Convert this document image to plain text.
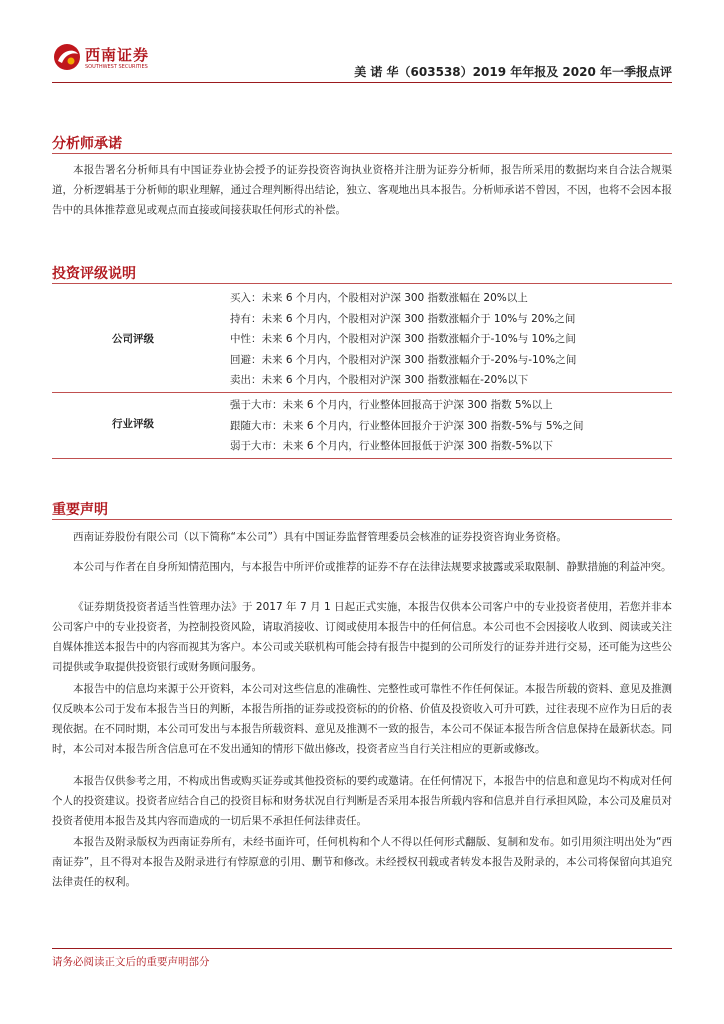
西南证券
SOUTHWEST SECURITIES	美 诺 华（603538）2019 年年报及 2020 年一季报点评
分析师承诺
本报告署名分析师具有中国证券业协会授予的证券投资咨询执业资格并注册为证券分析师，报告所采用的数据均来自合法合规渠道，分析逻辑基于分析师的职业理解，通过合理判断得出结论，独立、客观地出具本报告。分析师承诺不曾因，不因，也将不会因本报告中的具体推荐意见或观点而直接或间接获取任何形式的补偿。
投资评级说明
公司评级
买入：未来 6 个月内，个股相对沪深 300 指数涨幅在 20%以上
持有：未来 6 个月内，个股相对沪深 300 指数涨幅介于 10%与 20%之间
中性：未来 6 个月内，个股相对沪深 300 指数涨幅介于-10%与 10%之间
回避：未来 6 个月内，个股相对沪深 300 指数涨幅介于-20%与-10%之间
卖出：未来 6 个月内，个股相对沪深 300 指数涨幅在-20%以下
行业评级
强于大市：未来 6 个月内，行业整体回报高于沪深 300 指数 5%以上
跟随大市：未来 6 个月内，行业整体回报介于沪深 300 指数-5%与 5%之间
弱于大市：未来 6 个月内，行业整体回报低于沪深 300 指数-5%以下
重要声明
西南证券股份有限公司（以下简称“本公司”）具有中国证券监督管理委员会核准的证券投资咨询业务资格。
本公司与作者在自身所知情范围内，与本报告中所评价或推荐的证券不存在法律法规要求披露或采取限制、静默措施的利益冲突。
《证券期货投资者适当性管理办法》于 2017 年 7 月 1 日起正式实施，本报告仅供本公司客户中的专业投资者使用，若您并非本公司客户中的专业投资者，为控制投资风险，请取消接收、订阅或使用本报告中的任何信息。本公司也不会因接收人收到、阅读或关注自媒体推送本报告中的内容而视其为客户。本公司或关联机构可能会持有报告中提到的公司所发行的证券并进行交易，还可能为这些公司提供或争取提供投资银行或财务顾问服务。
本报告中的信息均来源于公开资料，本公司对这些信息的准确性、完整性或可靠性不作任何保证。本报告所载的资料、意见及推测仅反映本公司于发布本报告当日的判断，本报告所指的证券或投资标的的价格、价值及投资收入可升可跌，过往表现不应作为日后的表现依据。在不同时期，本公司可发出与本报告所载资料、意见及推测不一致的报告，本公司不保证本报告所含信息保持在最新状态。同时，本公司对本报告所含信息可在不发出通知的情形下做出修改，投资者应当自行关注相应的更新或修改。
本报告仅供参考之用，不构成出售或购买证券或其他投资标的要约或邀请。在任何情况下，本报告中的信息和意见均不构成对任何个人的投资建议。投资者应结合自己的投资目标和财务状况自行判断是否采用本报告所载内容和信息并自行承担风险，本公司及雇员对投资者使用本报告及其内容而造成的一切后果不承担任何法律责任。
本报告及附录版权为西南证券所有，未经书面许可，任何机构和个人不得以任何形式翻版、复制和发布。如引用须注明出处为“西南证券”，且不得对本报告及附录进行有悖原意的引用、删节和修改。未经授权刊载或者转发本报告及附录的，本公司将保留向其追究法律责任的权利。
请务必阅读正文后的重要声明部分
